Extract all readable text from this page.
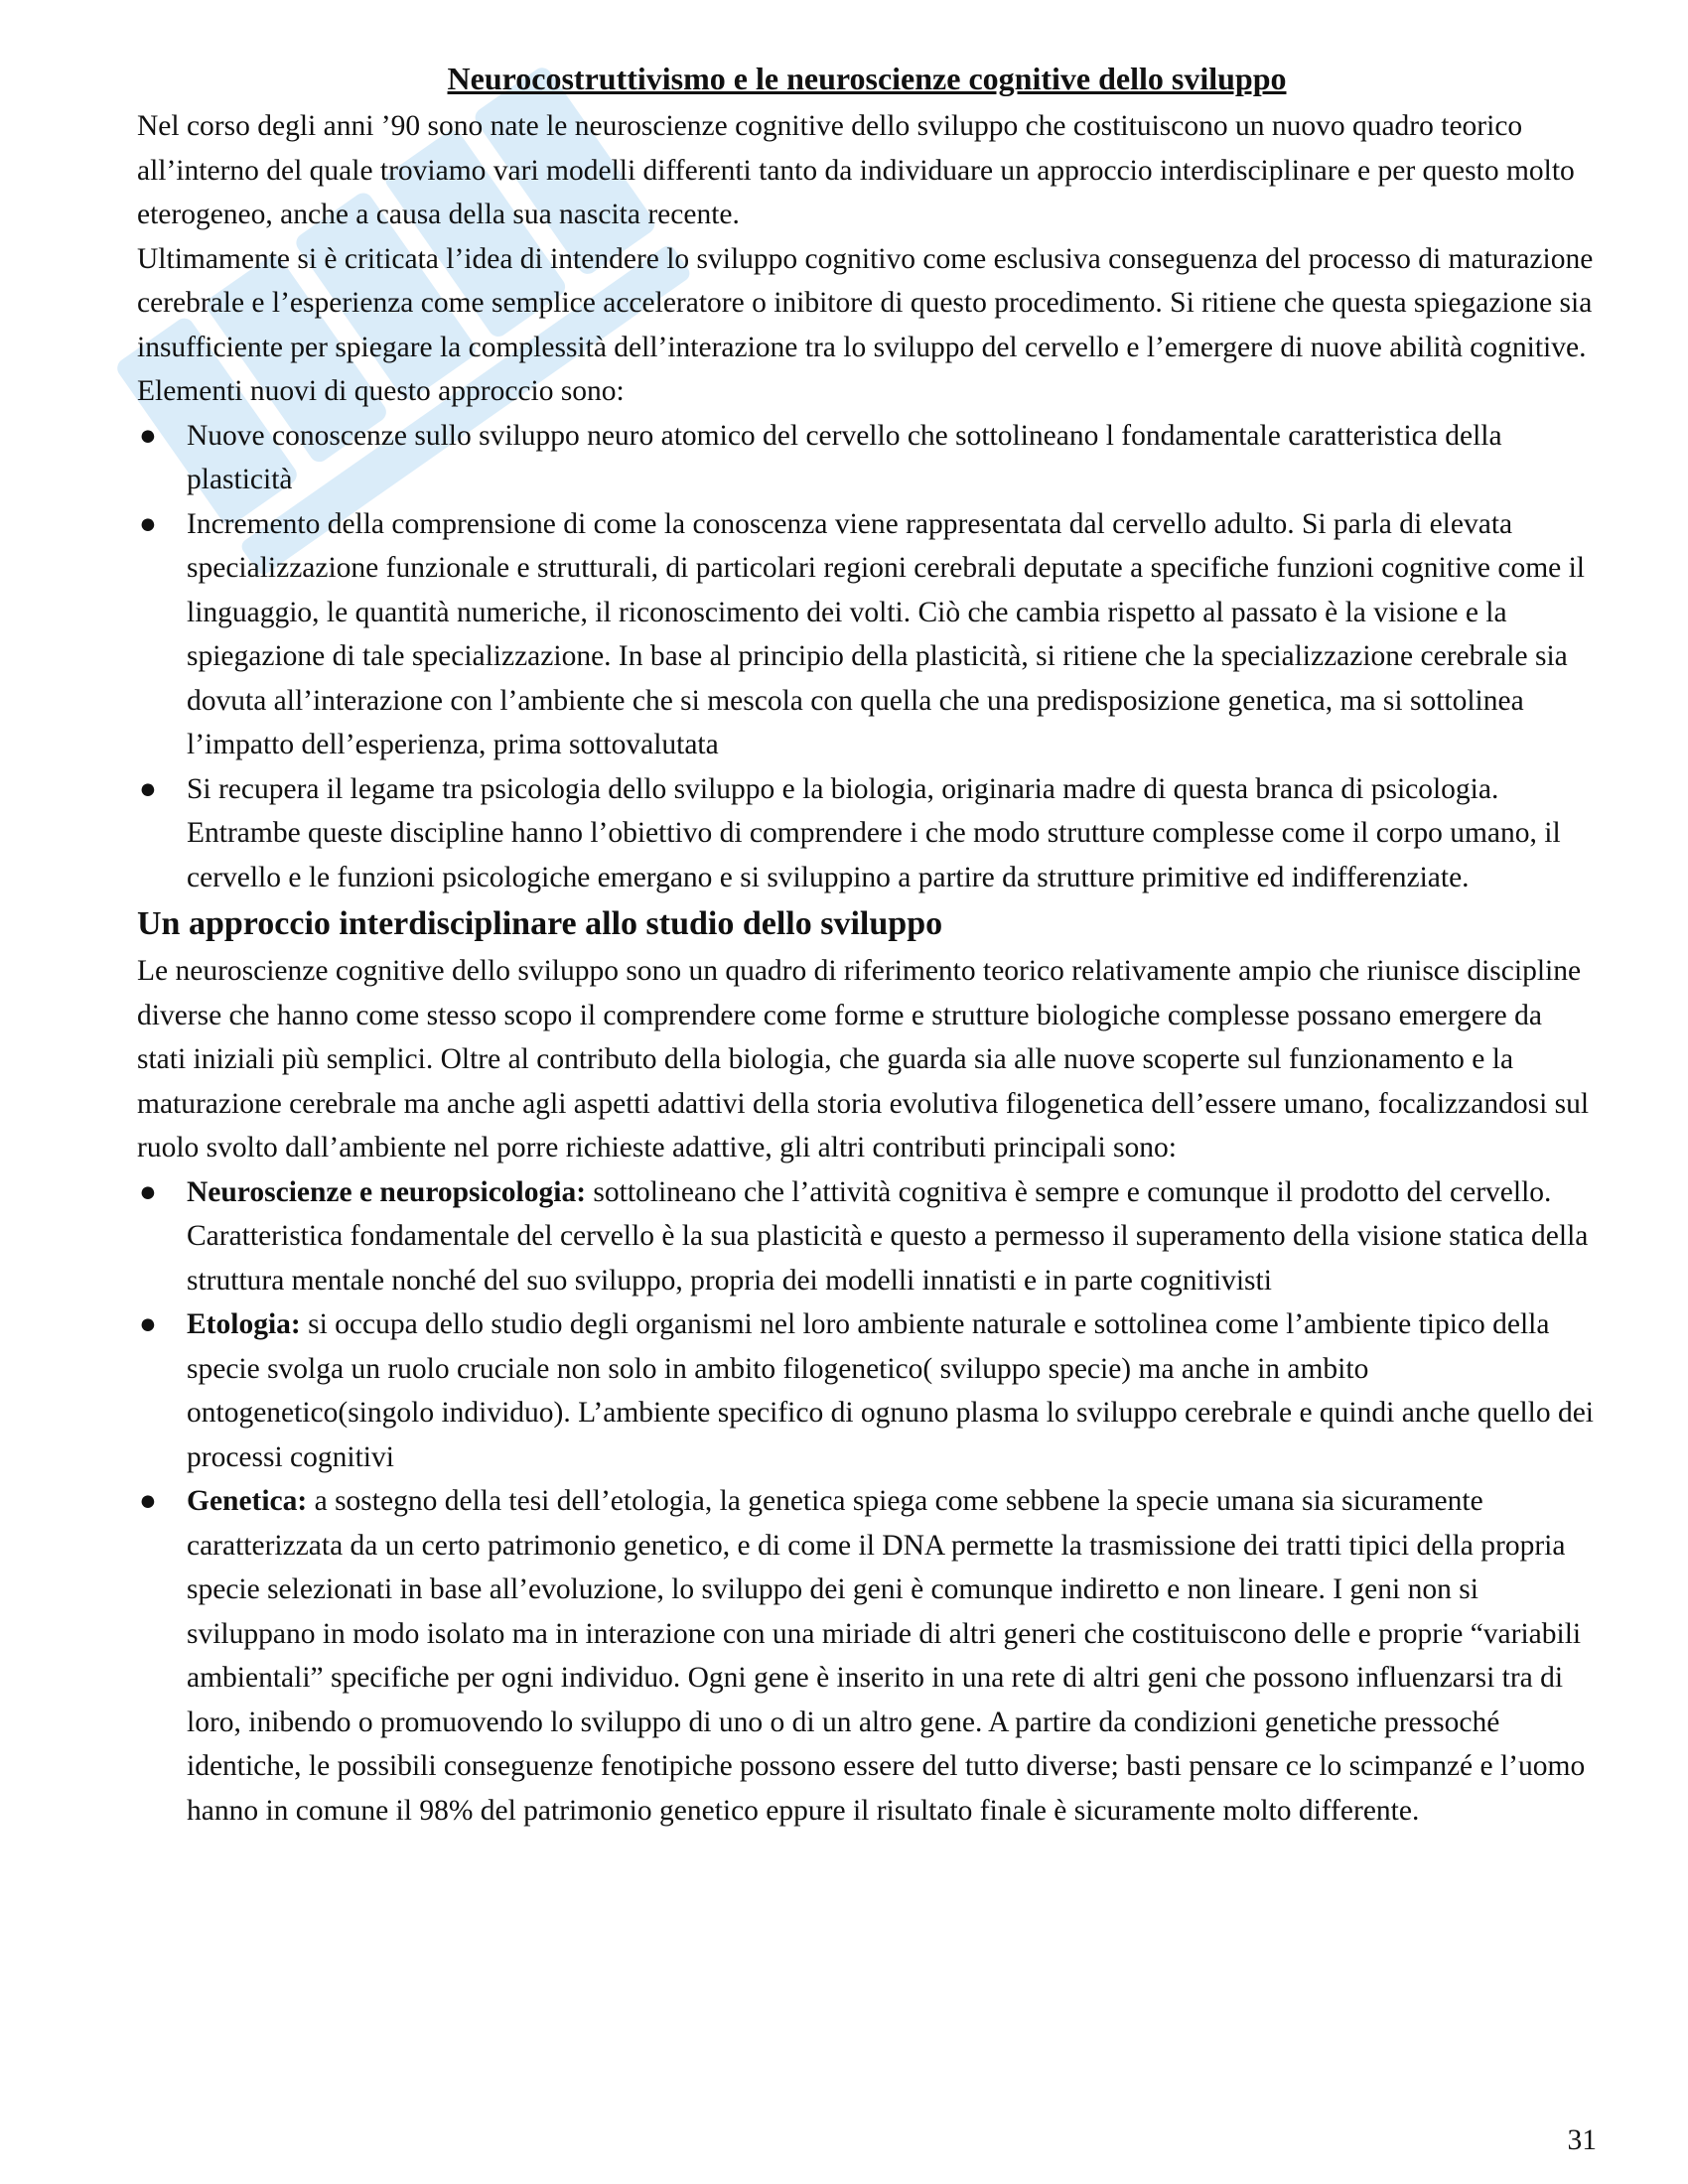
Neurocostruttivismo e le neuroscienze cognitive dello sviluppo

Nel corso degli anni ’90 sono nate le neuroscienze cognitive dello sviluppo che costituiscono un nuovo quadro teorico all’interno del quale troviamo vari modelli differenti tanto da individuare un approccio interdisciplinare e per questo molto eterogeneo, anche a causa della sua nascita recente.

Ultimamente si è criticata l’idea di intendere lo sviluppo cognitivo come esclusiva conseguenza del processo di maturazione cerebrale e l’esperienza come semplice acceleratore o inibitore di questo procedimento. Si ritiene che questa spiegazione sia insufficiente per spiegare la complessità dell’interazione tra lo sviluppo del cervello e l’emergere di nuove abilità cognitive.

Elementi nuovi di questo approccio sono:

● Nuove conoscenze sullo sviluppo neuro atomico del cervello che sottolineano l fondamentale caratteristica della plasticità
● Incremento della comprensione di come la conoscenza viene rappresentata dal cervello adulto. Si parla di elevata specializzazione funzionale e strutturali, di particolari regioni cerebrali deputate a specifiche funzioni cognitive come il linguaggio, le quantità numeriche, il riconoscimento dei volti. Ciò che cambia rispetto al passato è la visione e la spiegazione di tale specializzazione. In base al principio della plasticità, si ritiene che la specializzazione cerebrale sia dovuta all’interazione con l’ambiente che si mescola con quella che una predisposizione genetica, ma si sottolinea l’impatto dell’esperienza, prima sottovalutata
● Si recupera il legame tra psicologia dello sviluppo e la biologia, originaria madre di questa branca di psicologia. Entrambe queste discipline hanno l’obiettivo di comprendere i che modo strutture complesse come il corpo umano, il cervello e le funzioni psicologiche emergano e si sviluppino a partire da strutture primitive ed indifferenziate.
Un approccio interdisciplinare allo studio dello sviluppo

Le neuroscienze cognitive dello sviluppo sono un quadro di riferimento teorico relativamente ampio che riunisce discipline diverse che hanno come stesso scopo il comprendere come forme e strutture biologiche complesse possano emergere da stati iniziali più semplici. Oltre al contributo della biologia, che guarda sia alle nuove scoperte sul funzionamento e la maturazione cerebrale ma anche agli aspetti adattivi della storia evolutiva filogenetica dell’essere umano, focalizzandosi sul ruolo svolto dall’ambiente nel porre richieste adattive, gli altri contributi principali sono:

● Neuroscienze e neuropsicologia: sottolineano che l’attività cognitiva è sempre e comunque il prodotto del cervello. Caratteristica fondamentale del cervello è la sua plasticità e questo a permesso il superamento della visione statica della struttura mentale nonché del suo sviluppo, propria dei modelli innatisti e in parte cognitivisti
● Etologia: si occupa dello studio degli organismi nel loro ambiente naturale e sottolinea come l’ambiente tipico della specie svolga un ruolo cruciale non solo in ambito filogenetico( sviluppo specie) ma anche in ambito ontogenetico(singolo individuo). L’ambiente specifico di ognuno plasma lo sviluppo cerebrale e quindi anche quello dei processi cognitivi
● Genetica: a sostegno della tesi dell’etologia, la genetica spiega come sebbene la specie umana sia sicuramente caratterizzata da un certo patrimonio genetico, e di come il DNA permette la trasmissione dei tratti tipici della propria specie selezionati in base all’evoluzione, lo sviluppo dei geni è comunque indiretto e non lineare. I geni non si sviluppano in modo isolato ma in interazione con una miriade di altri generi che costituiscono delle e proprie “variabili ambientali” specifiche per ogni individuo. Ogni gene è inserito in una rete di altri geni che possono influenzarsi tra di loro, inibendo o promuovendo lo sviluppo di uno o di un altro gene. A partire da condizioni genetiche pressoché identiche, le possibili conseguenze fenotipiche possono essere del tutto diverse; basti pensare ce lo scimpanzé e l’uomo hanno in comune il 98% del patrimonio genetico eppure il risultato finale è sicuramente molto differente.
31
